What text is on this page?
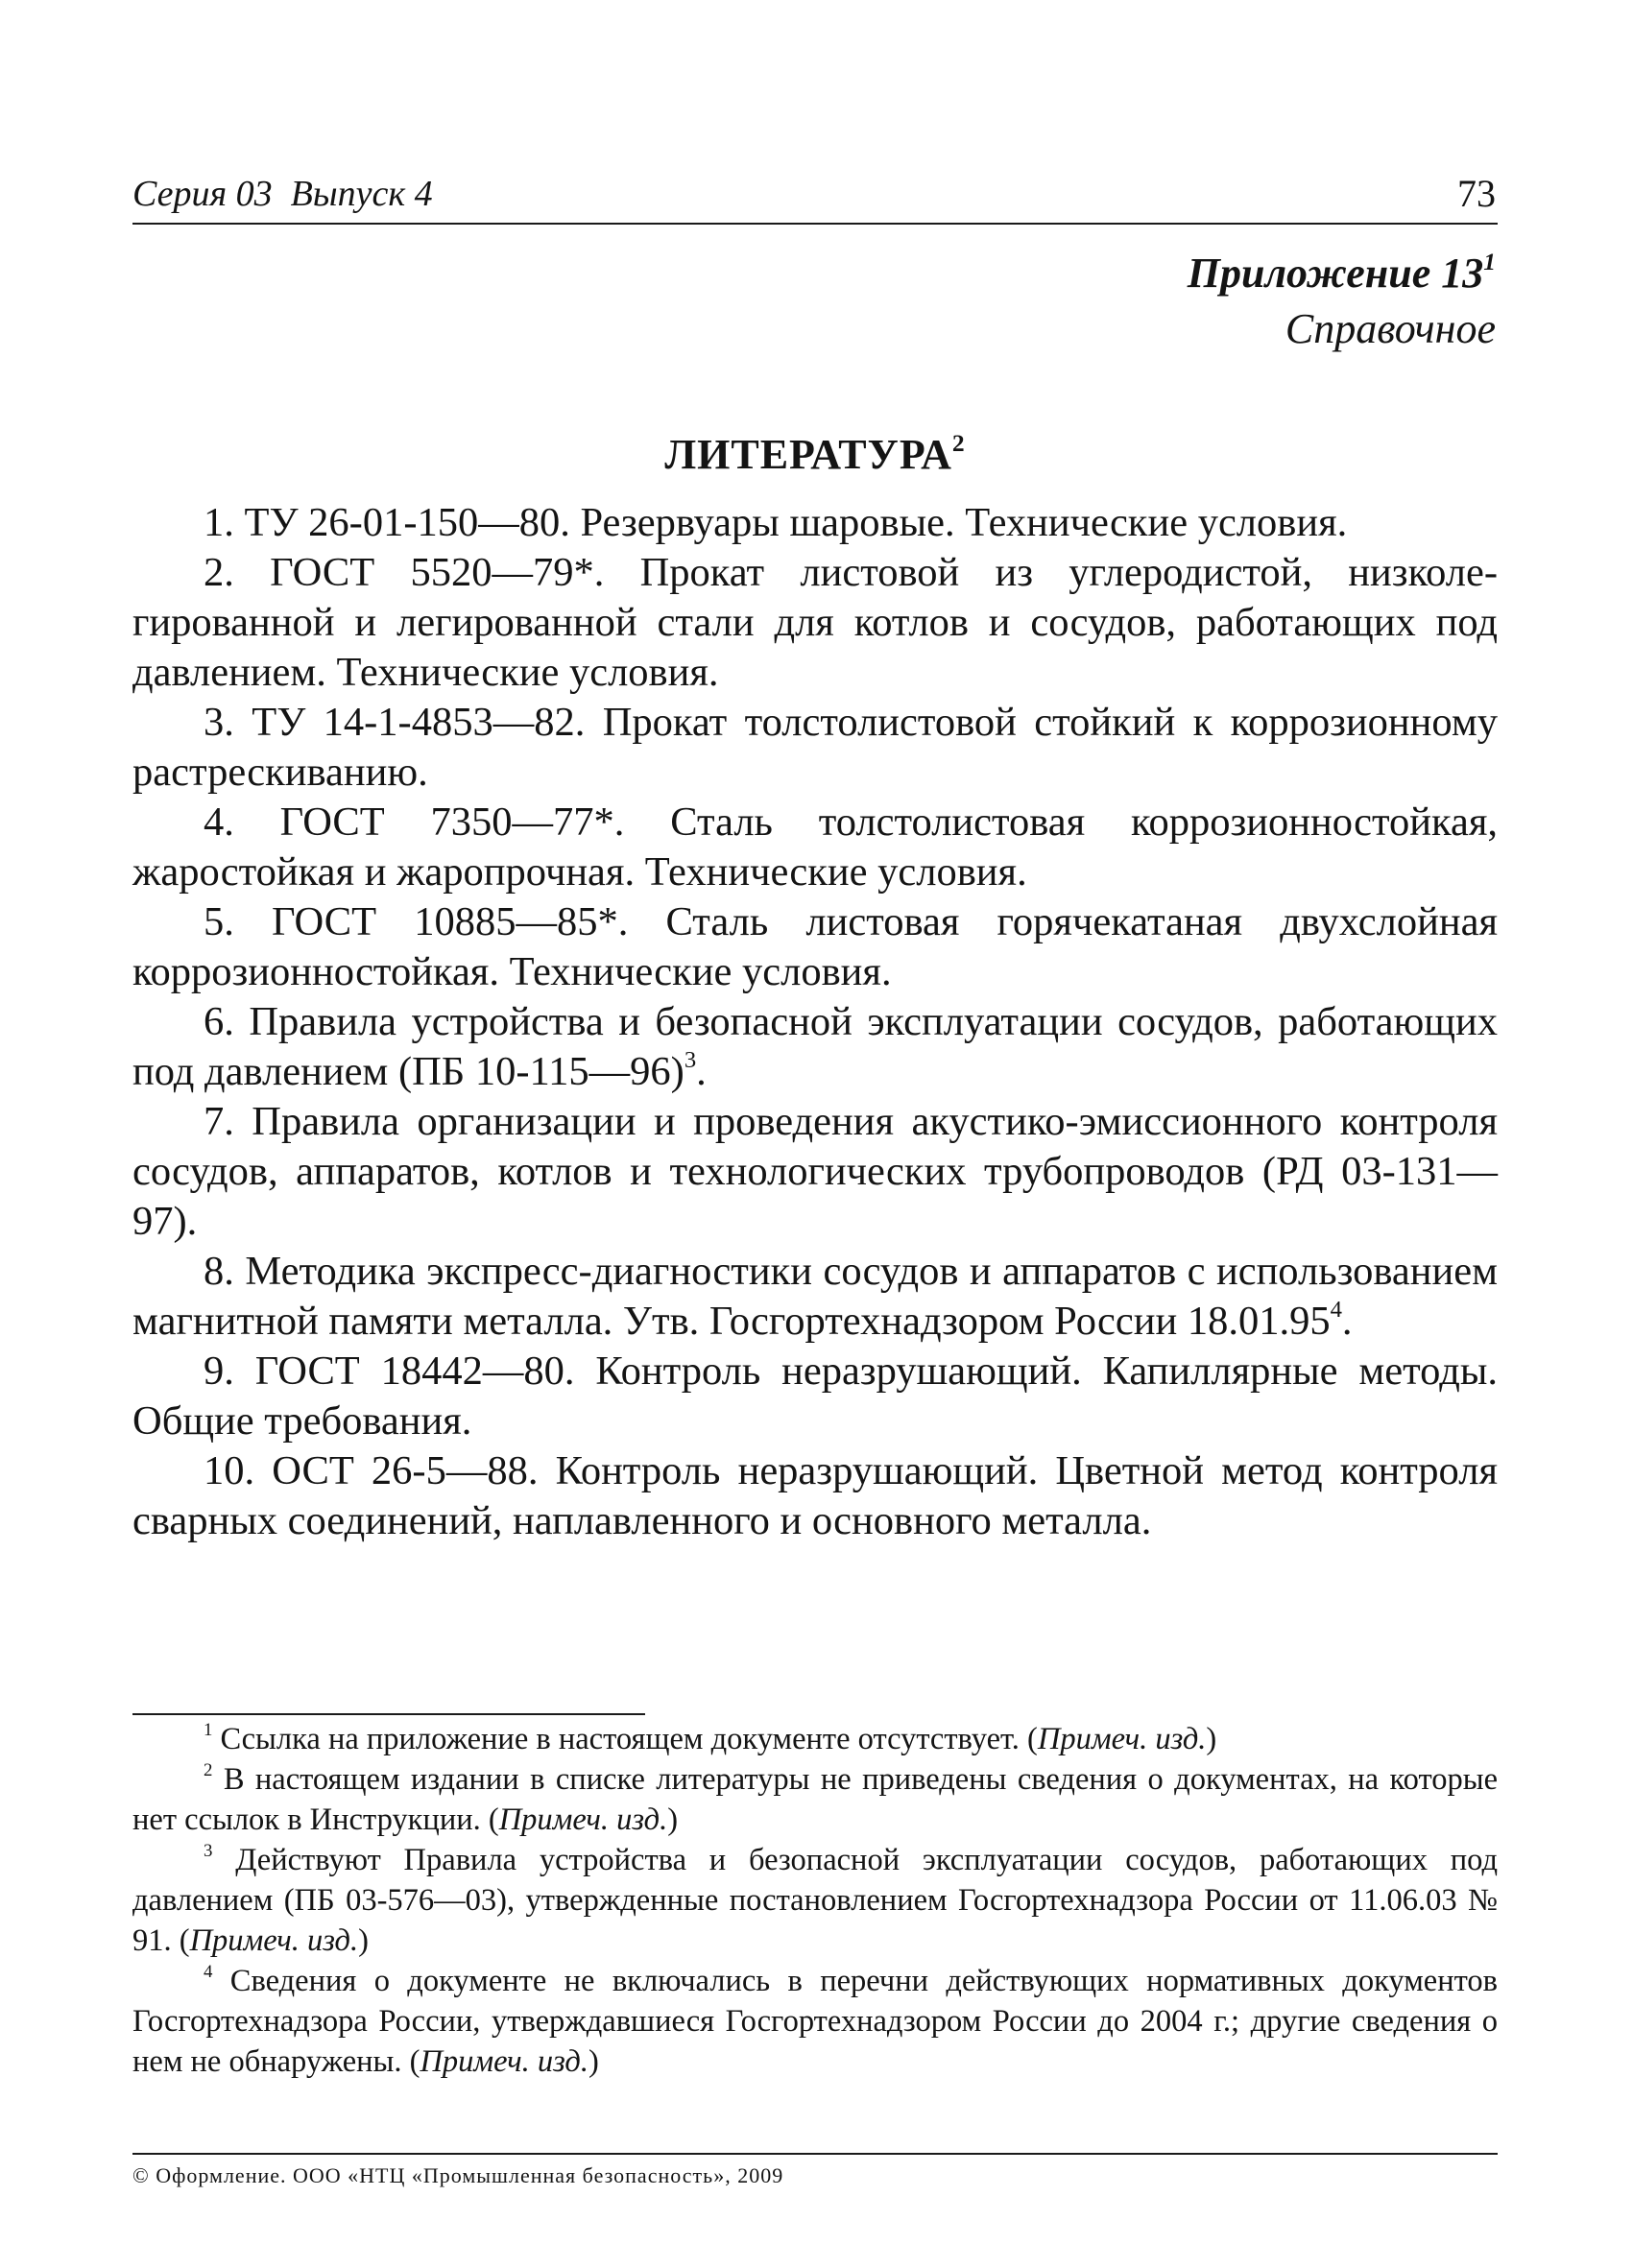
Серия 03  Выпуск 4	73
Приложение $13^1$
Справочное
ЛИТЕРАТУРА$^2$

1. ТУ 26-01-150—80. Резервуары шаровые. Технические условия.

2. ГОСТ 5520—79*. Прокат листовой из углеродистой, низколегированной и легированной стали для котлов и сосудов, работающих под давлением. Технические условия.

3. ТУ 14-1-4853—82. Прокат толстолистовой стойкий к коррозионному растрескиванию.

4. ГОСТ 7350—77*. Сталь толстолистовая коррозионностойкая, жаростойкая и жаропрочная. Технические условия.

5. ГОСТ 10885—85*. Сталь листовая горячекатаная двухслойная коррозионностойкая. Технические условия.

6. Правила устройства и безопасной эксплуатации сосудов, работающих под давлением (ПБ 10-115—96)$^3$.

7. Правила организации и проведения акустико-эмиссионного контроля сосудов, аппаратов, котлов и технологических трубопроводов (РД 03-131—97).

8. Методика экспресс-диагностики сосудов и аппаратов с использованием магнитной памяти металла. Утв. Госгортехнадзором России 18.01.95$^4$.

9. ГОСТ 18442—80. Контроль неразрушающий. Капиллярные методы. Общие требования.

10. ОСТ 26-5—88. Контроль неразрушающий. Цветной метод контроля сварных соединений, наплавленного и основного металла.

$^1$ Ссылка на приложение в настоящем документе отсутствует. (Примеч. изд.)

$^2$ В настоящем издании в списке литературы не приведены сведения о документах, на которые нет ссылок в Инструкции. (Примеч. изд.)

$^3$ Действуют Правила устройства и безопасной эксплуатации сосудов, работающих под давлением (ПБ 03-576—03), утвержденные постановлением Госгортехнадзора России от 11.06.03 № 91. (Примеч. изд.)

$^4$ Сведения о документе не включались в перечни действующих нормативных документов Госгортехнадзора России, утверждавшиеся Госгортехнадзором России до 2004 г.; другие сведения о нем не обнаружены. (Примеч. изд.)

© Оформление. ООО «НТЦ «Промышленная безопасность», 2009
